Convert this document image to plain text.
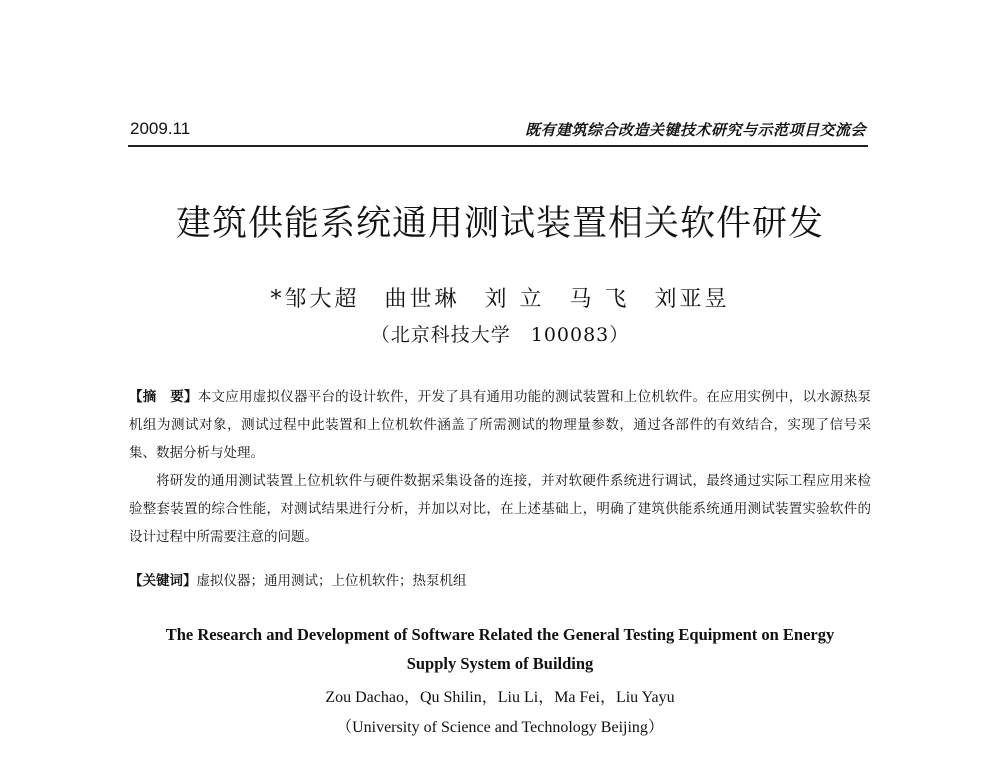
2009.11	既有建筑综合改造关键技术研究与示范项目交流会
建筑供能系统通用测试装置相关软件研发
*邹大超　曲世琳　刘 立　马 飞　刘亚昱
（北京科技大学　100083）

【摘　要】本文应用虚拟仪器平台的设计软件，开发了具有通用功能的测试装置和上位机软件。在应用实例中，以水源热泵机组为测试对象，测试过程中此装置和上位机软件涵盖了所需测试的物理量参数，通过各部件的有效结合，实现了信号采集、数据分析与处理。

将研发的通用测试装置上位机软件与硬件数据采集设备的连接，并对软硬件系统进行调试，最终通过实际工程应用来检验整套装置的综合性能，对测试结果进行分析，并加以对比，在上述基础上，明确了建筑供能系统通用测试装置实验软件的设计过程中所需要注意的问题。

【关键词】虚拟仪器；通用测试；上位机软件；热泵机组
The Research and Development of Software Related the General Testing Equipment on Energy
Supply System of Building
Zou Dachao，Qu Shilin，Liu Li，Ma Fei，Liu Yayu
（University of Science and Technology Beijing）
